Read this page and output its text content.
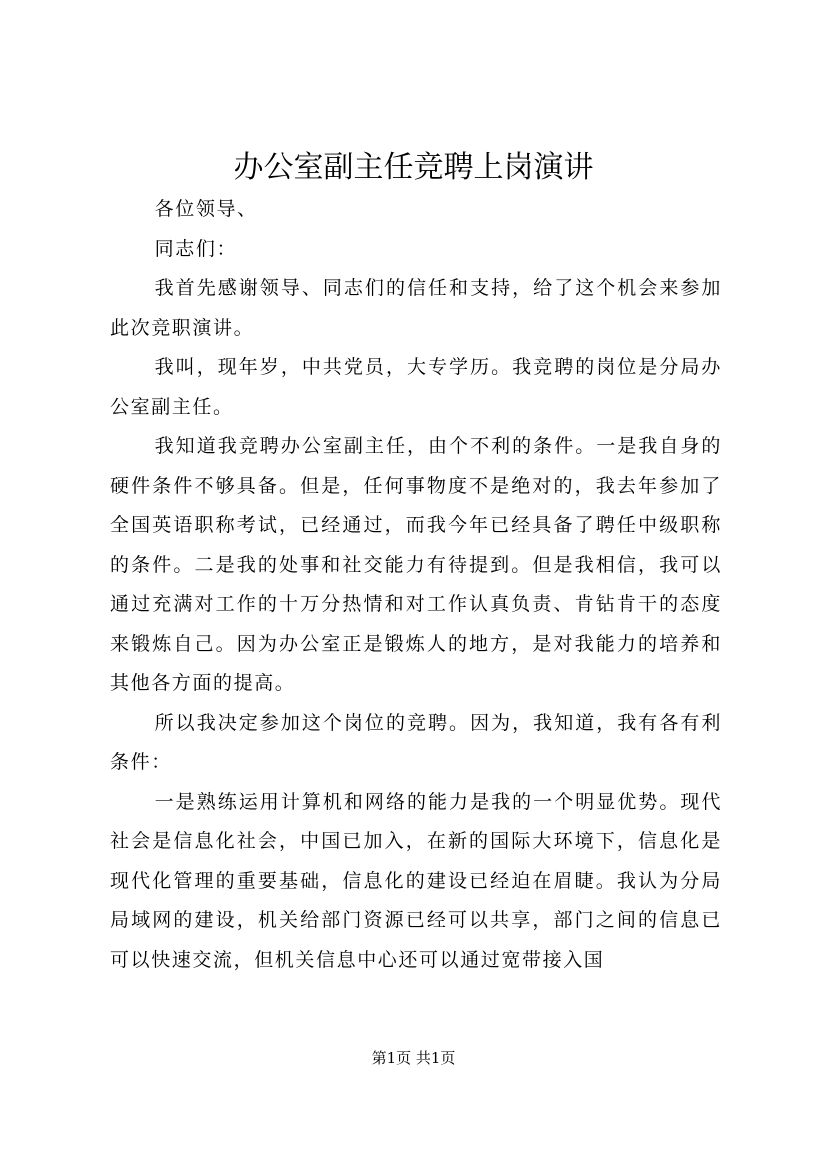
办公室副主任竞聘上岗演讲

各位领导、

同志们：

我首先感谢领导、同志们的信任和支持，给了这个机会来参加此次竞职演讲。

我叫，现年岁，中共党员，大专学历。我竞聘的岗位是分局办公室副主任。

我知道我竞聘办公室副主任，由个不利的条件。一是我自身的硬件条件不够具备。但是，任何事物度不是绝对的，我去年参加了全国英语职称考试，已经通过，而我今年已经具备了聘任中级职称的条件。二是我的处事和社交能力有待提到。但是我相信，我可以通过充满对工作的十万分热情和对工作认真负责、肯钻肯干的态度来锻炼自己。因为办公室正是锻炼人的地方，是对我能力的培养和其他各方面的提高。

所以我决定参加这个岗位的竞聘。因为，我知道，我有各有利条件：

一是熟练运用计算机和网络的能力是我的一个明显优势。现代社会是信息化社会，中国已加入，在新的国际大环境下，信息化是现代化管理的重要基础，信息化的建设已经迫在眉睫。我认为分局局域网的建设，机关给部门资源已经可以共享，部门之间的信息已可以快速交流，但机关信息中心还可以通过宽带接入国

第1页 共1页
